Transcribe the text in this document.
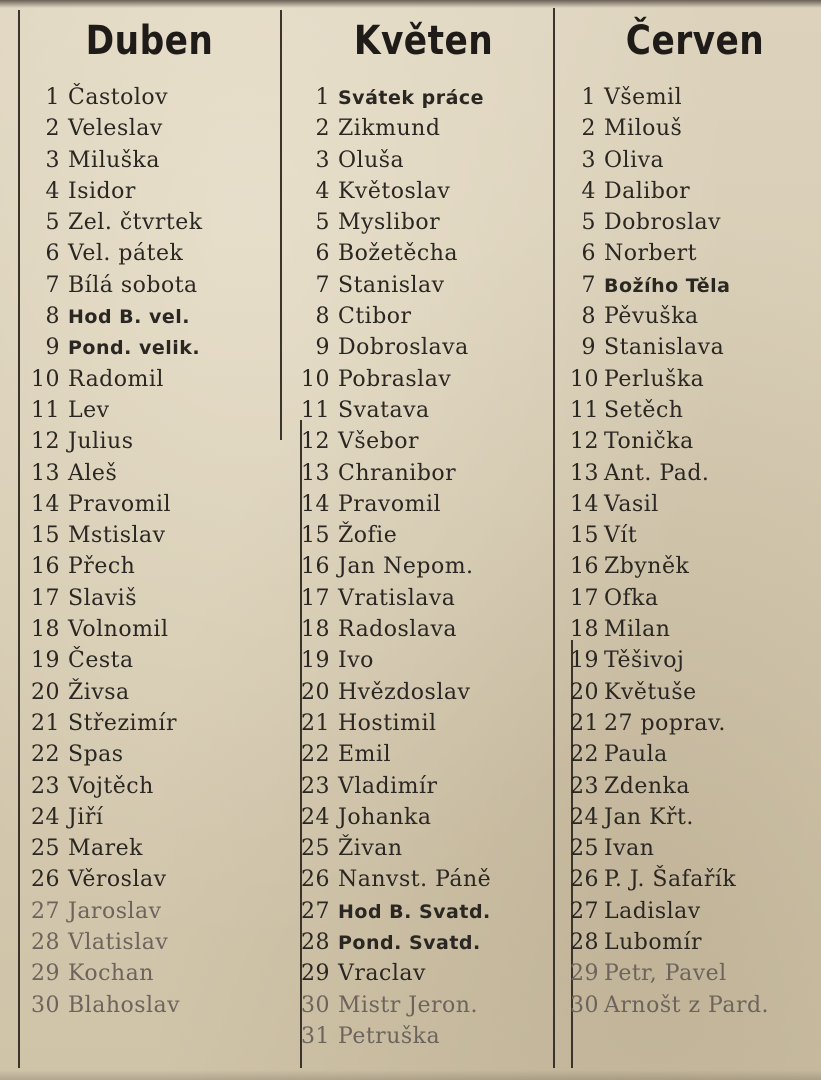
Duben
1 Častolov
2 Veleslav
3 Miluška
4 Isidor
5 Zel. čtvrtek
6 Vel. pátek
7 Bílá sobota
8 Hod B. vel.
9 Pond. velik.
10 Radomil
11 Lev
12 Julius
13 Aleš
14 Pravomil
15 Mstislav
16 Přech
17 Slaviš
18 Volnomil
19 Česta
20 Živsa
21 Střezimír
22 Spas
23 Vojtěch
24 Jiří
25 Marek
26 Věroslav
27 Jaroslav
28 Vlatislav
29 Kochan
30 Blahoslav
Květen
1 Svátek práce
2 Zikmund
3 Oluša
4 Květoslav
5 Myslibor
6 Božetěcha
7 Stanislav
8 Ctibor
9 Dobroslava
10 Pobraslav
11 Svatava
12 Všebor
13 Chranibor
14 Pravomil
15 Žofie
16 Jan Nepom.
17 Vratislava
18 Radoslava
19 Ivo
20 Hvězdoslav
21 Hostimil
22 Emil
23 Vladimír
24 Johanka
25 Živan
26 Nanvst. Páně
27 Hod B. Svatd.
28 Pond. Svatd.
29 Vraclav
30 Mistr Jeron.
31 Petruška
Červen
1 Všemil
2 Milouš
3 Oliva
4 Dalibor
5 Dobroslav
6 Norbert
7 Božího Těla
8 Pěvuška
9 Stanislava
10 Perluška
11 Setěch
12 Tonička
13 Ant. Pad.
14 Vasil
15 Vít
16 Zbyněk
17 Ofka
18 Milan
19 Těšivoj
20 Květuše
21 27 poprav.
22 Paula
23 Zdenka
24 Jan Křt.
25 Ivan
26 P. J. Šafařík
27 Ladislav
28 Lubomír
29 Petr, Pavel
30 Arnošt z Pard.
